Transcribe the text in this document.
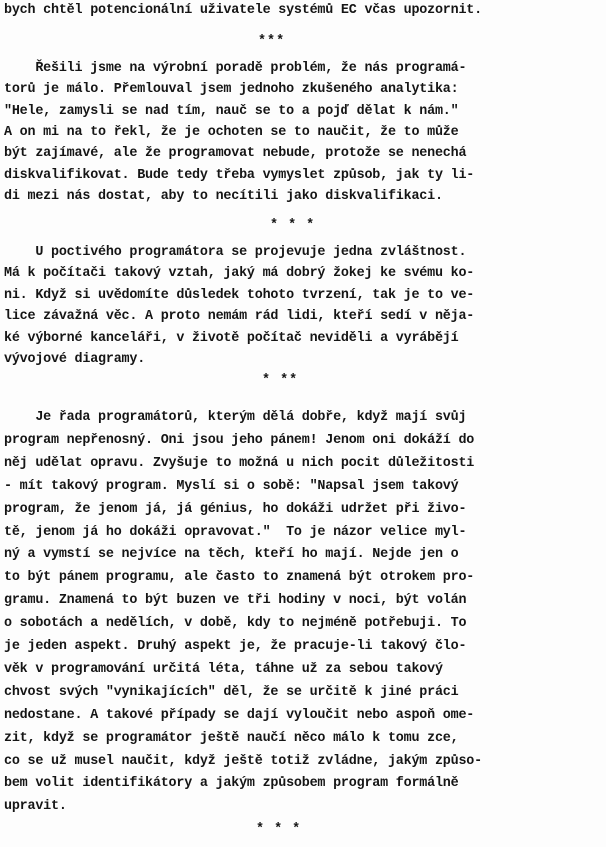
bych chtěl potencionální uživatele systémů EC včas upozornit.
***
Řešili jsme na výrobní poradě problém, že nás programá-
torů je málo. Přemlouval jsem jednoho zkušeného analytika:
"Hele, zamysli se nad tím, nauč se to a pojď dělat k nám."
A on mi na to řekl, že je ochoten se to naučit, že to může
být zajímavé, ale že programovat nebude, protože se nenechá
diskvalifikovat. Bude tedy třeba vymyslet způsob, jak ty li-
di mezi nás dostat, aby to necítili jako diskvalifikaci.
* * *
U poctivého programátora se projevuje jedna zvláštnost.
Má k počítači takový vztah, jaký má dobrý žokej ke svému ko-
ni. Když si uvědomíte důsledek tohoto tvrzení, tak je to ve-
lice závažná věc. A proto nemám rád lidi, kteří sedí v něja-
ké výborné kanceláři, v životě počítač neviděli a vyrábějí
vývojové diagramy.
* **
Je řada programátorů, kterým dělá dobře, když mají svůj
program nepřenosný. Oni jsou jeho pánem! Jenom oni dokáží do
něj udělat opravu. Zvyšuje to možná u nich pocit důležitosti
- mít takový program. Myslí si o sobě: "Napsal jsem takový
program, že jenom já, já génius, ho dokáži udržet při živo-
tě, jenom já ho dokáži opravovat."  To je názor velice myl-
ný a vymstí se nejvíce na těch, kteří ho mají. Nejde jen o
to být pánem programu, ale často to znamená být otrokem pro-
gramu. Znamená to být buzen ve tři hodiny v noci, být volán
o sobotách a nedělích, v době, kdy to nejméně potřebuji. To
je jeden aspekt. Druhý aspekt je, že pracuje-li takový člo-
věk v programování určitá léta, táhne už za sebou takový
chvost svých "vynikajících" děl, že se určitě k jiné práci
nedostane. A takové případy se dají vyloučit nebo aspoň ome-
zit, když se programátor ještě naučí něco málo k tomu zce,
co se už musel naučit, když ještě totiž zvládne, jakým způso-
bem volit identifikátory a jakým způsobem program formálně
upravit.
* * *
